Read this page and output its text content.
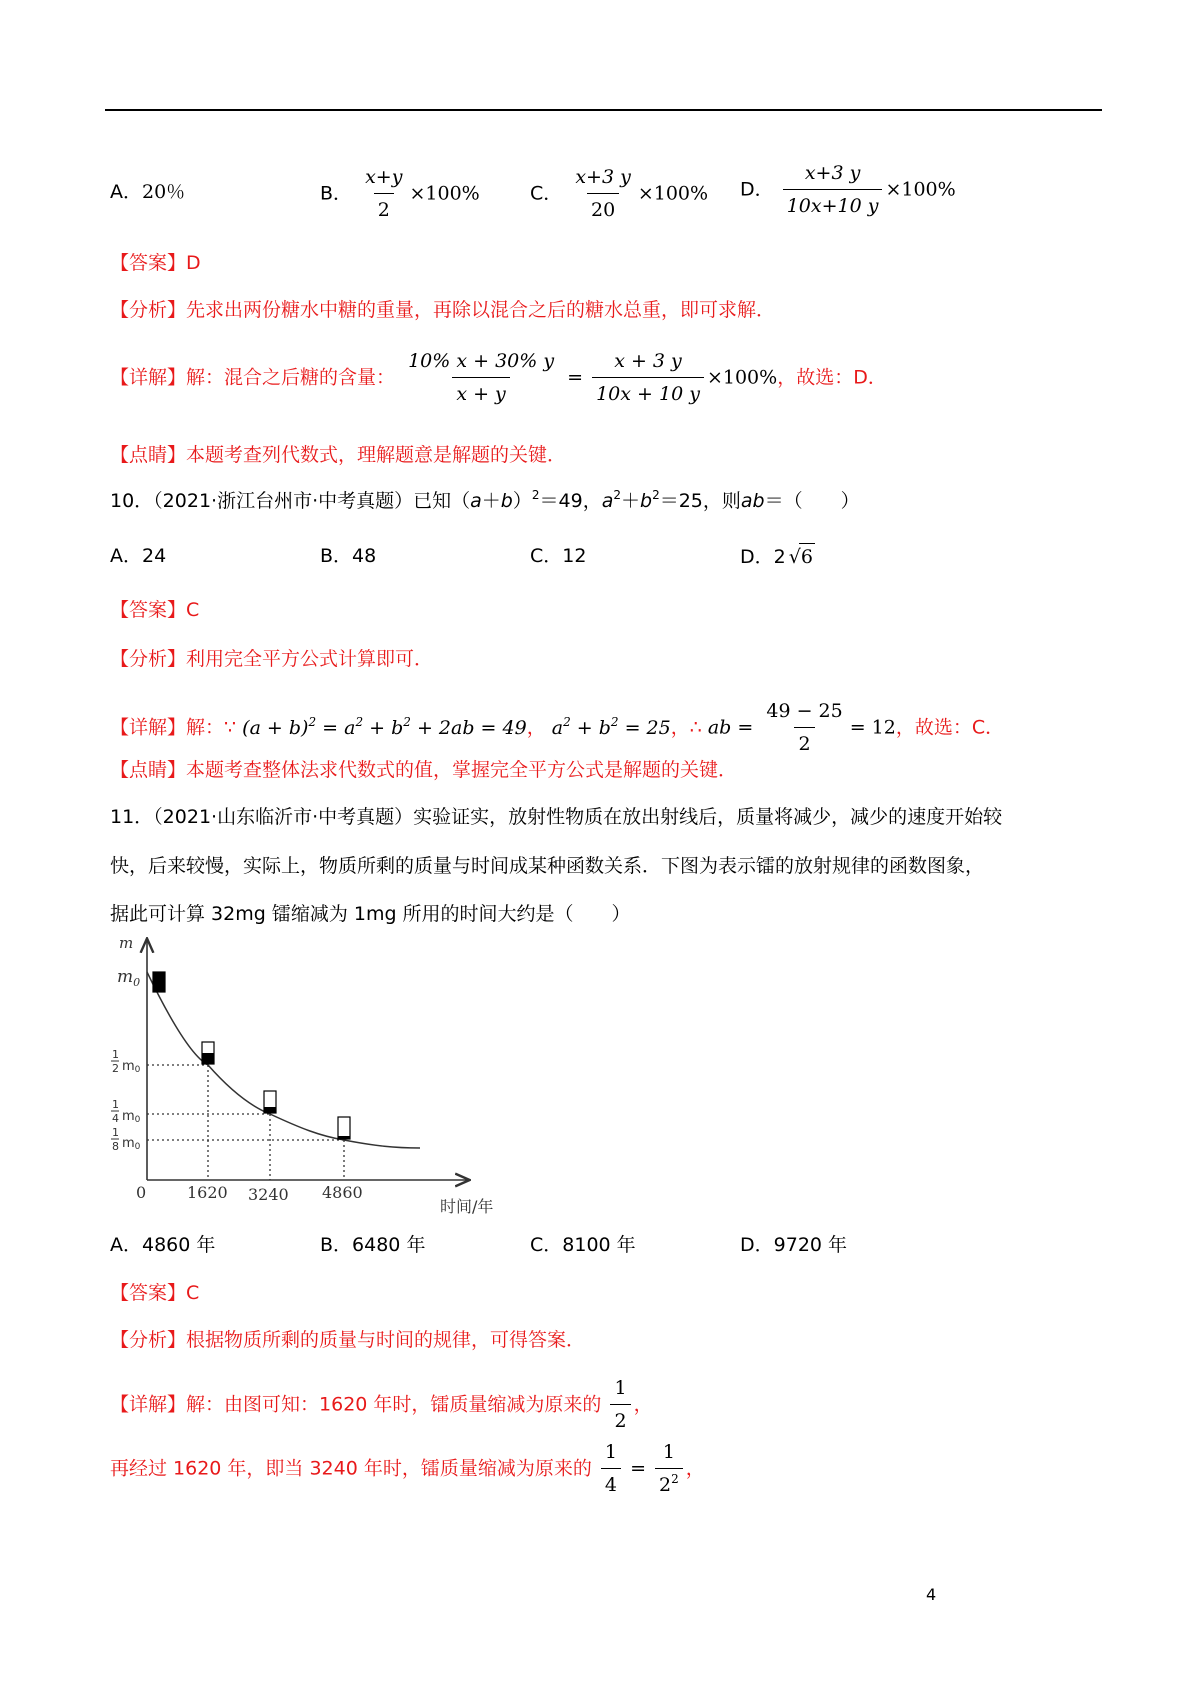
A．20％	B． $\frac{x+y}{2} \times 100\%$	C． $\frac{x+3 y}{20} \times 100\%$ D． $\frac{x+3 y}{10x+10 y} \times 100\%$
【答案】D
【分析】先求出两份糖水中糖的重量，再除以混合之后的糖水总重，即可求解．
【详解】解：混合之后糖的含量： $\frac{10\% x + 30\% y}{x + y} = \frac{x + 3 y}{10x + 10 y} \times 100\%$，故选：D．
【点睛】本题考查列代数式，理解题意是解题的关键．
10．（2021·浙江台州市·中考真题）已知$(a+b)^2=49$，$a^2+b^2=25$，则ab＝（　　）
A．24	B．48	C．12	D．2 √6
【答案】C
【分析】利用完全平方公式计算即可．
【详解】解：∵ $(a + b)^2 = a^2 + b^2 + 2ab = 49$， $a^2 + b^2 = 25$，∴ ab = $\frac{49 - 25}{2} = 12$，故选：C．
【点睛】本题考查整体法求代数式的值，掌握完全平方公式是解题的关键．
11．（2021·山东临沂市·中考真题）实验证实，放射性物质在放出射线后，质量将减少，减少的速度开始较
快，后来较慢，实际上，物质所剩的质量与时间成某种函数关系．下图为表示镭的放射规律的函数图象，
据此可计算 32mg 镭缩减为 1mg 所用的时间大约是（　　）
m
$m_0$
1
2 m0
1
4 m0
1
8 m0
0	1620 3240 4860
时间/年
A．4860 年	B．6480 年	C．8100 年	D．9720 年
【答案】C
【分析】根据物质所剩的质量与时间的规律，可得答案．
【详解】解：由图可知：1620 年时，镭质量缩减为原来的 $\frac{1}{2}$ ，
再经过 1620 年，即当 3240 年时，镭质量缩减为原来的 $\frac{1}{4} = \frac{1}{2^2}$ ，
4
